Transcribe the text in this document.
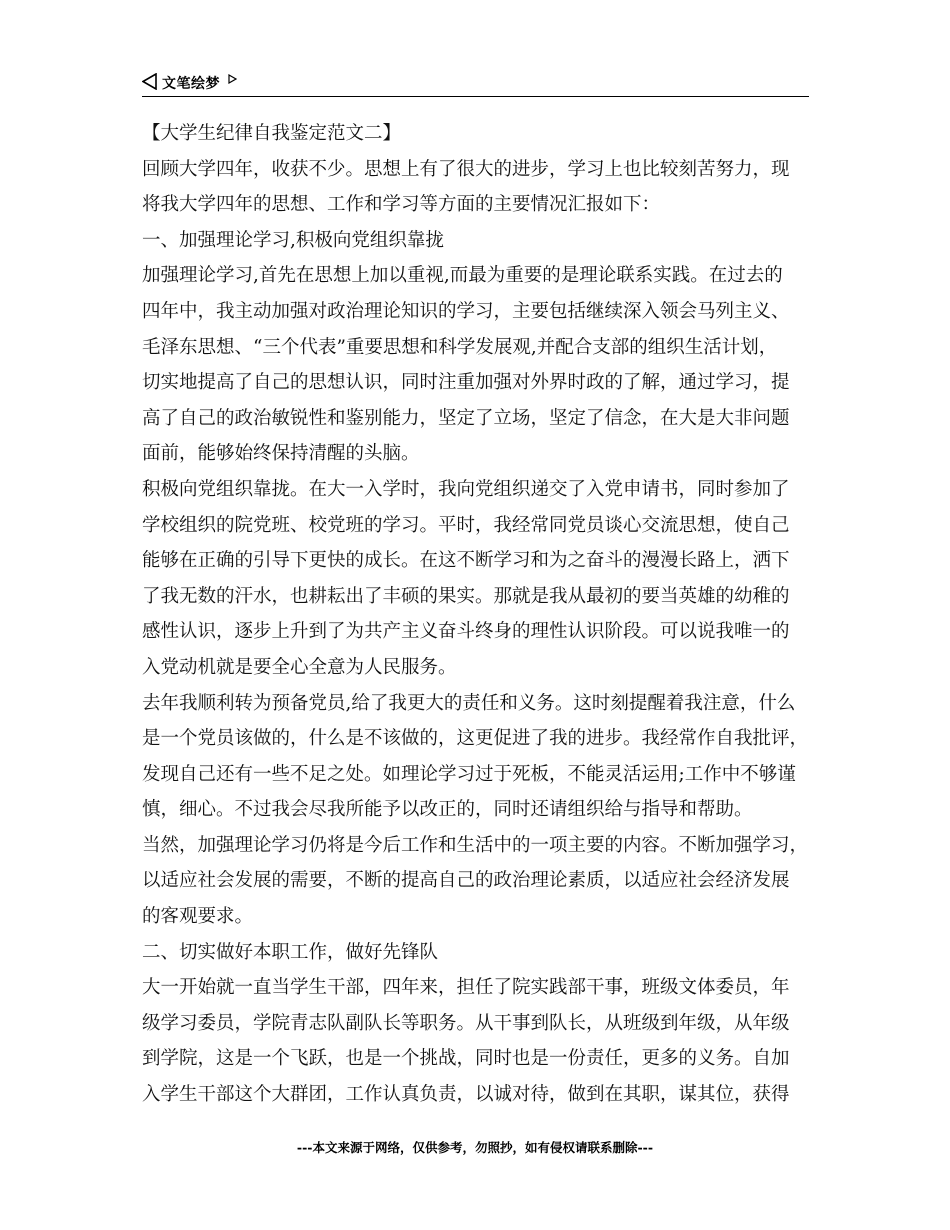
文笔绘梦
【大学生纪律自我鉴定范文二】
回顾大学四年，收获不少。思想上有了很大的进步，学习上也比较刻苦努力，现
将我大学四年的思想、工作和学习等方面的主要情况汇报如下：
一、加强理论学习,积极向党组织靠拢
加强理论学习,首先在思想上加以重视,而最为重要的是理论联系实践。在过去的
四年中，我主动加强对政治理论知识的学习，主要包括继续深入领会马列主义、
毛泽东思想、“三个代表”重要思想和科学发展观,并配合支部的组织生活计划，
切实地提高了自己的思想认识，同时注重加强对外界时政的了解，通过学习，提
高了自己的政治敏锐性和鉴别能力，坚定了立场，坚定了信念，在大是大非问题
面前，能够始终保持清醒的头脑。
积极向党组织靠拢。在大一入学时，我向党组织递交了入党申请书，同时参加了
学校组织的院党班、校党班的学习。平时，我经常同党员谈心交流思想，使自己
能够在正确的引导下更快的成长。在这不断学习和为之奋斗的漫漫长路上，洒下
了我无数的汗水，也耕耘出了丰硕的果实。那就是我从最初的要当英雄的幼稚的
感性认识，逐步上升到了为共产主义奋斗终身的理性认识阶段。可以说我唯一的
入党动机就是要全心全意为人民服务。
去年我顺利转为预备党员,给了我更大的责任和义务。这时刻提醒着我注意，什么
是一个党员该做的，什么是不该做的，这更促进了我的进步。我经常作自我批评，
发现自己还有一些不足之处。如理论学习过于死板，不能灵活运用;工作中不够谨
慎，细心。不过我会尽我所能予以改正的，同时还请组织给与指导和帮助。
当然，加强理论学习仍将是今后工作和生活中的一项主要的内容。不断加强学习，
以适应社会发展的需要，不断的提高自己的政治理论素质，以适应社会经济发展
的客观要求。
二、切实做好本职工作，做好先锋队
大一开始就一直当学生干部，四年来，担任了院实践部干事，班级文体委员，年
级学习委员，学院青志队副队长等职务。从干事到队长，从班级到年级，从年级
到学院，这是一个飞跃，也是一个挑战，同时也是一份责任，更多的义务。自加
入学生干部这个大群团，工作认真负责，以诚对待，做到在其职，谋其位，获得
---本文来源于网络，仅供参考，勿照抄，如有侵权请联系删除---
